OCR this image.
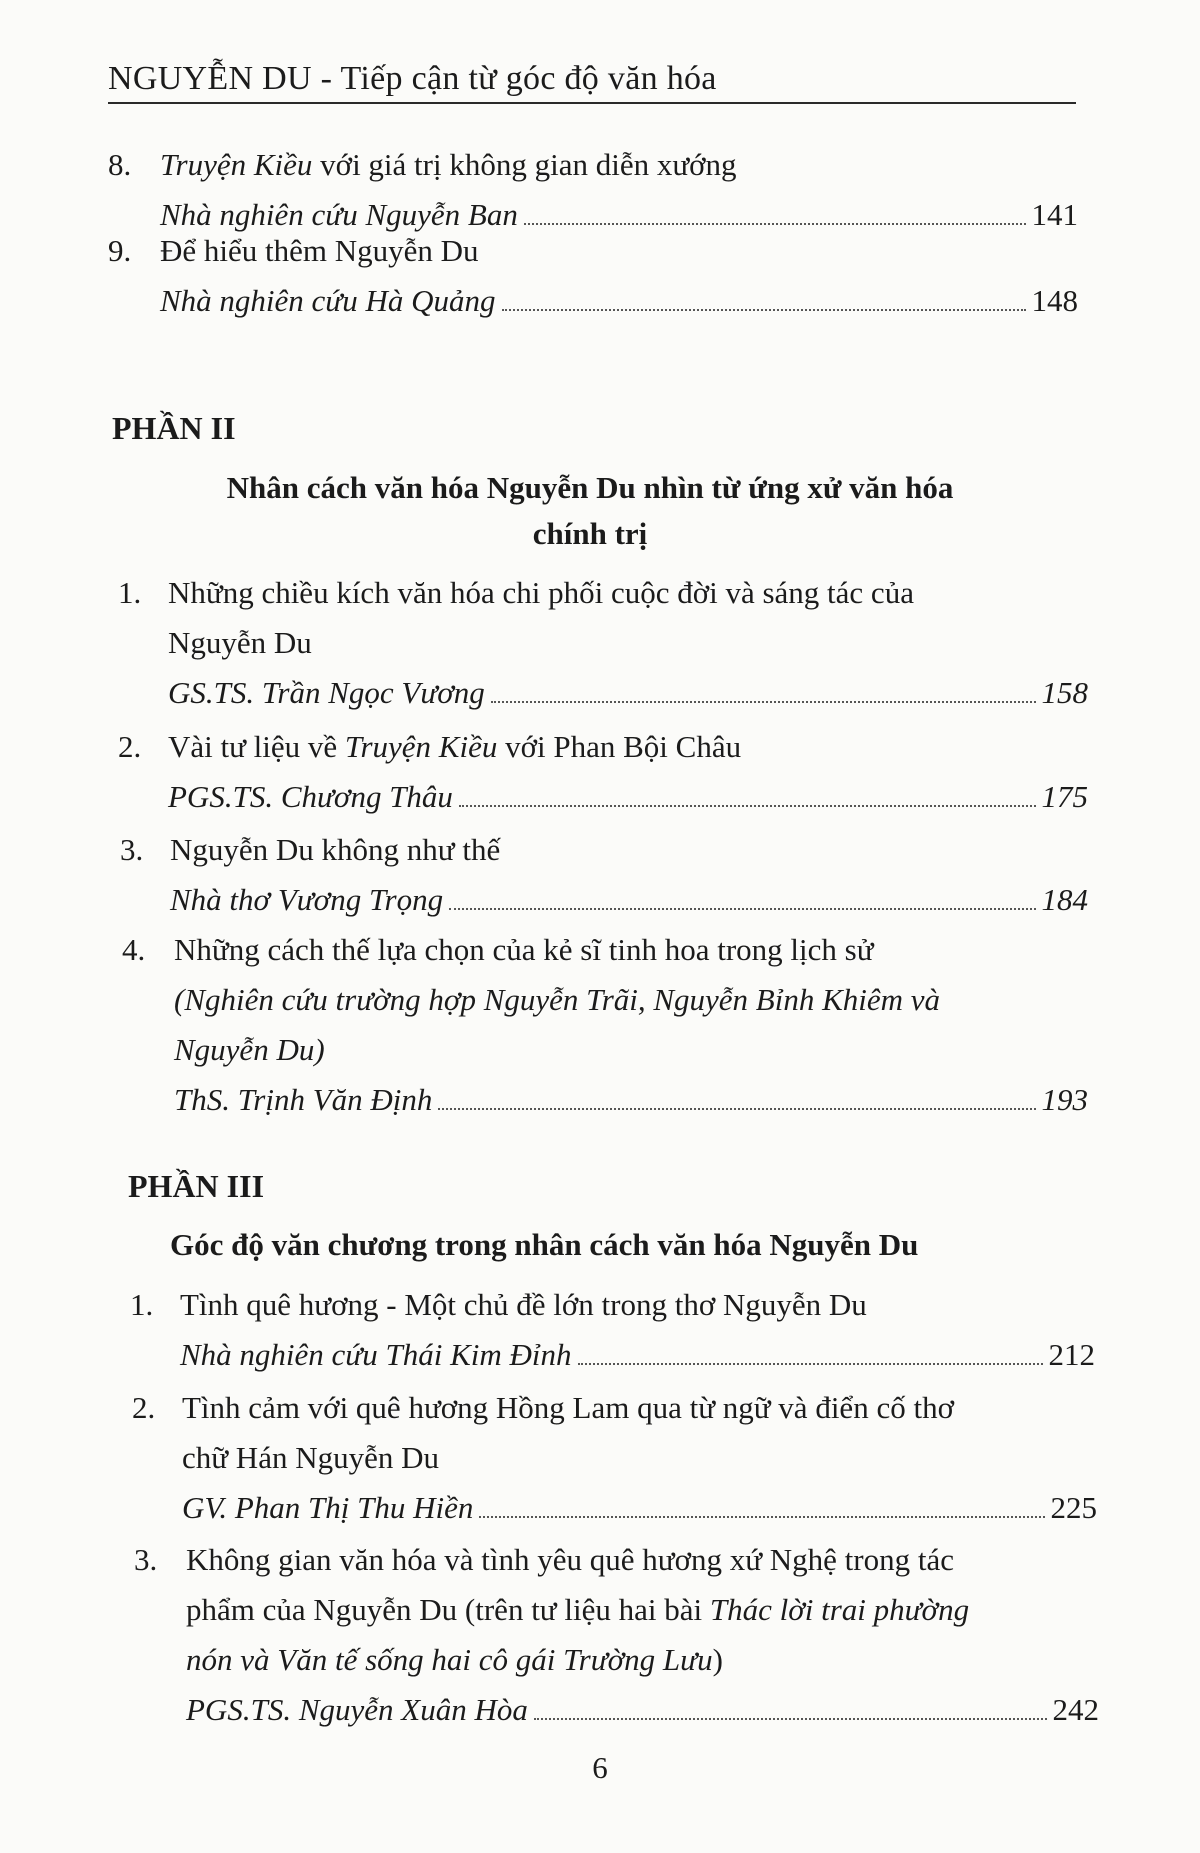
NGUYỄN DU - Tiếp cận từ góc độ văn hóa
8. Truyện Kiều với giá trị không gian diễn xướng
Nhà nghiên cứu Nguyễn Ban	141
9. Để hiểu thêm Nguyễn Du
Nhà nghiên cứu Hà Quảng	148
PHẦN II
Nhân cách văn hóa Nguyễn Du nhìn từ ứng xử văn hóa
chính trị
1. Những chiều kích văn hóa chi phối cuộc đời và sáng tác của
Nguyễn Du
GS.TS. Trần Ngọc Vương	158
2. Vài tư liệu về Truyện Kiều với Phan Bội Châu
PGS.TS. Chương Thâu	175
3. Nguyễn Du không như thế
Nhà thơ Vương Trọng	184
4. Những cách thế lựa chọn của kẻ sĩ tinh hoa trong lịch sử
(Nghiên cứu trường hợp Nguyễn Trãi, Nguyễn Bỉnh Khiêm và
Nguyễn Du)
ThS. Trịnh Văn Định	193
PHẦN III
Góc độ văn chương trong nhân cách văn hóa Nguyễn Du
1. Tình quê hương - Một chủ đề lớn trong thơ Nguyễn Du
Nhà nghiên cứu Thái Kim Đỉnh	212
2. Tình cảm với quê hương Hồng Lam qua từ ngữ và điển cố thơ
chữ Hán Nguyễn Du
GV. Phan Thị Thu Hiền	225
3. Không gian văn hóa và tình yêu quê hương xứ Nghệ trong tác
phẩm của Nguyễn Du (trên tư liệu hai bài Thác lời trai phường
nón và Văn tế sống hai cô gái Trường Lưu)
PGS.TS. Nguyễn Xuân Hòa	242
6
